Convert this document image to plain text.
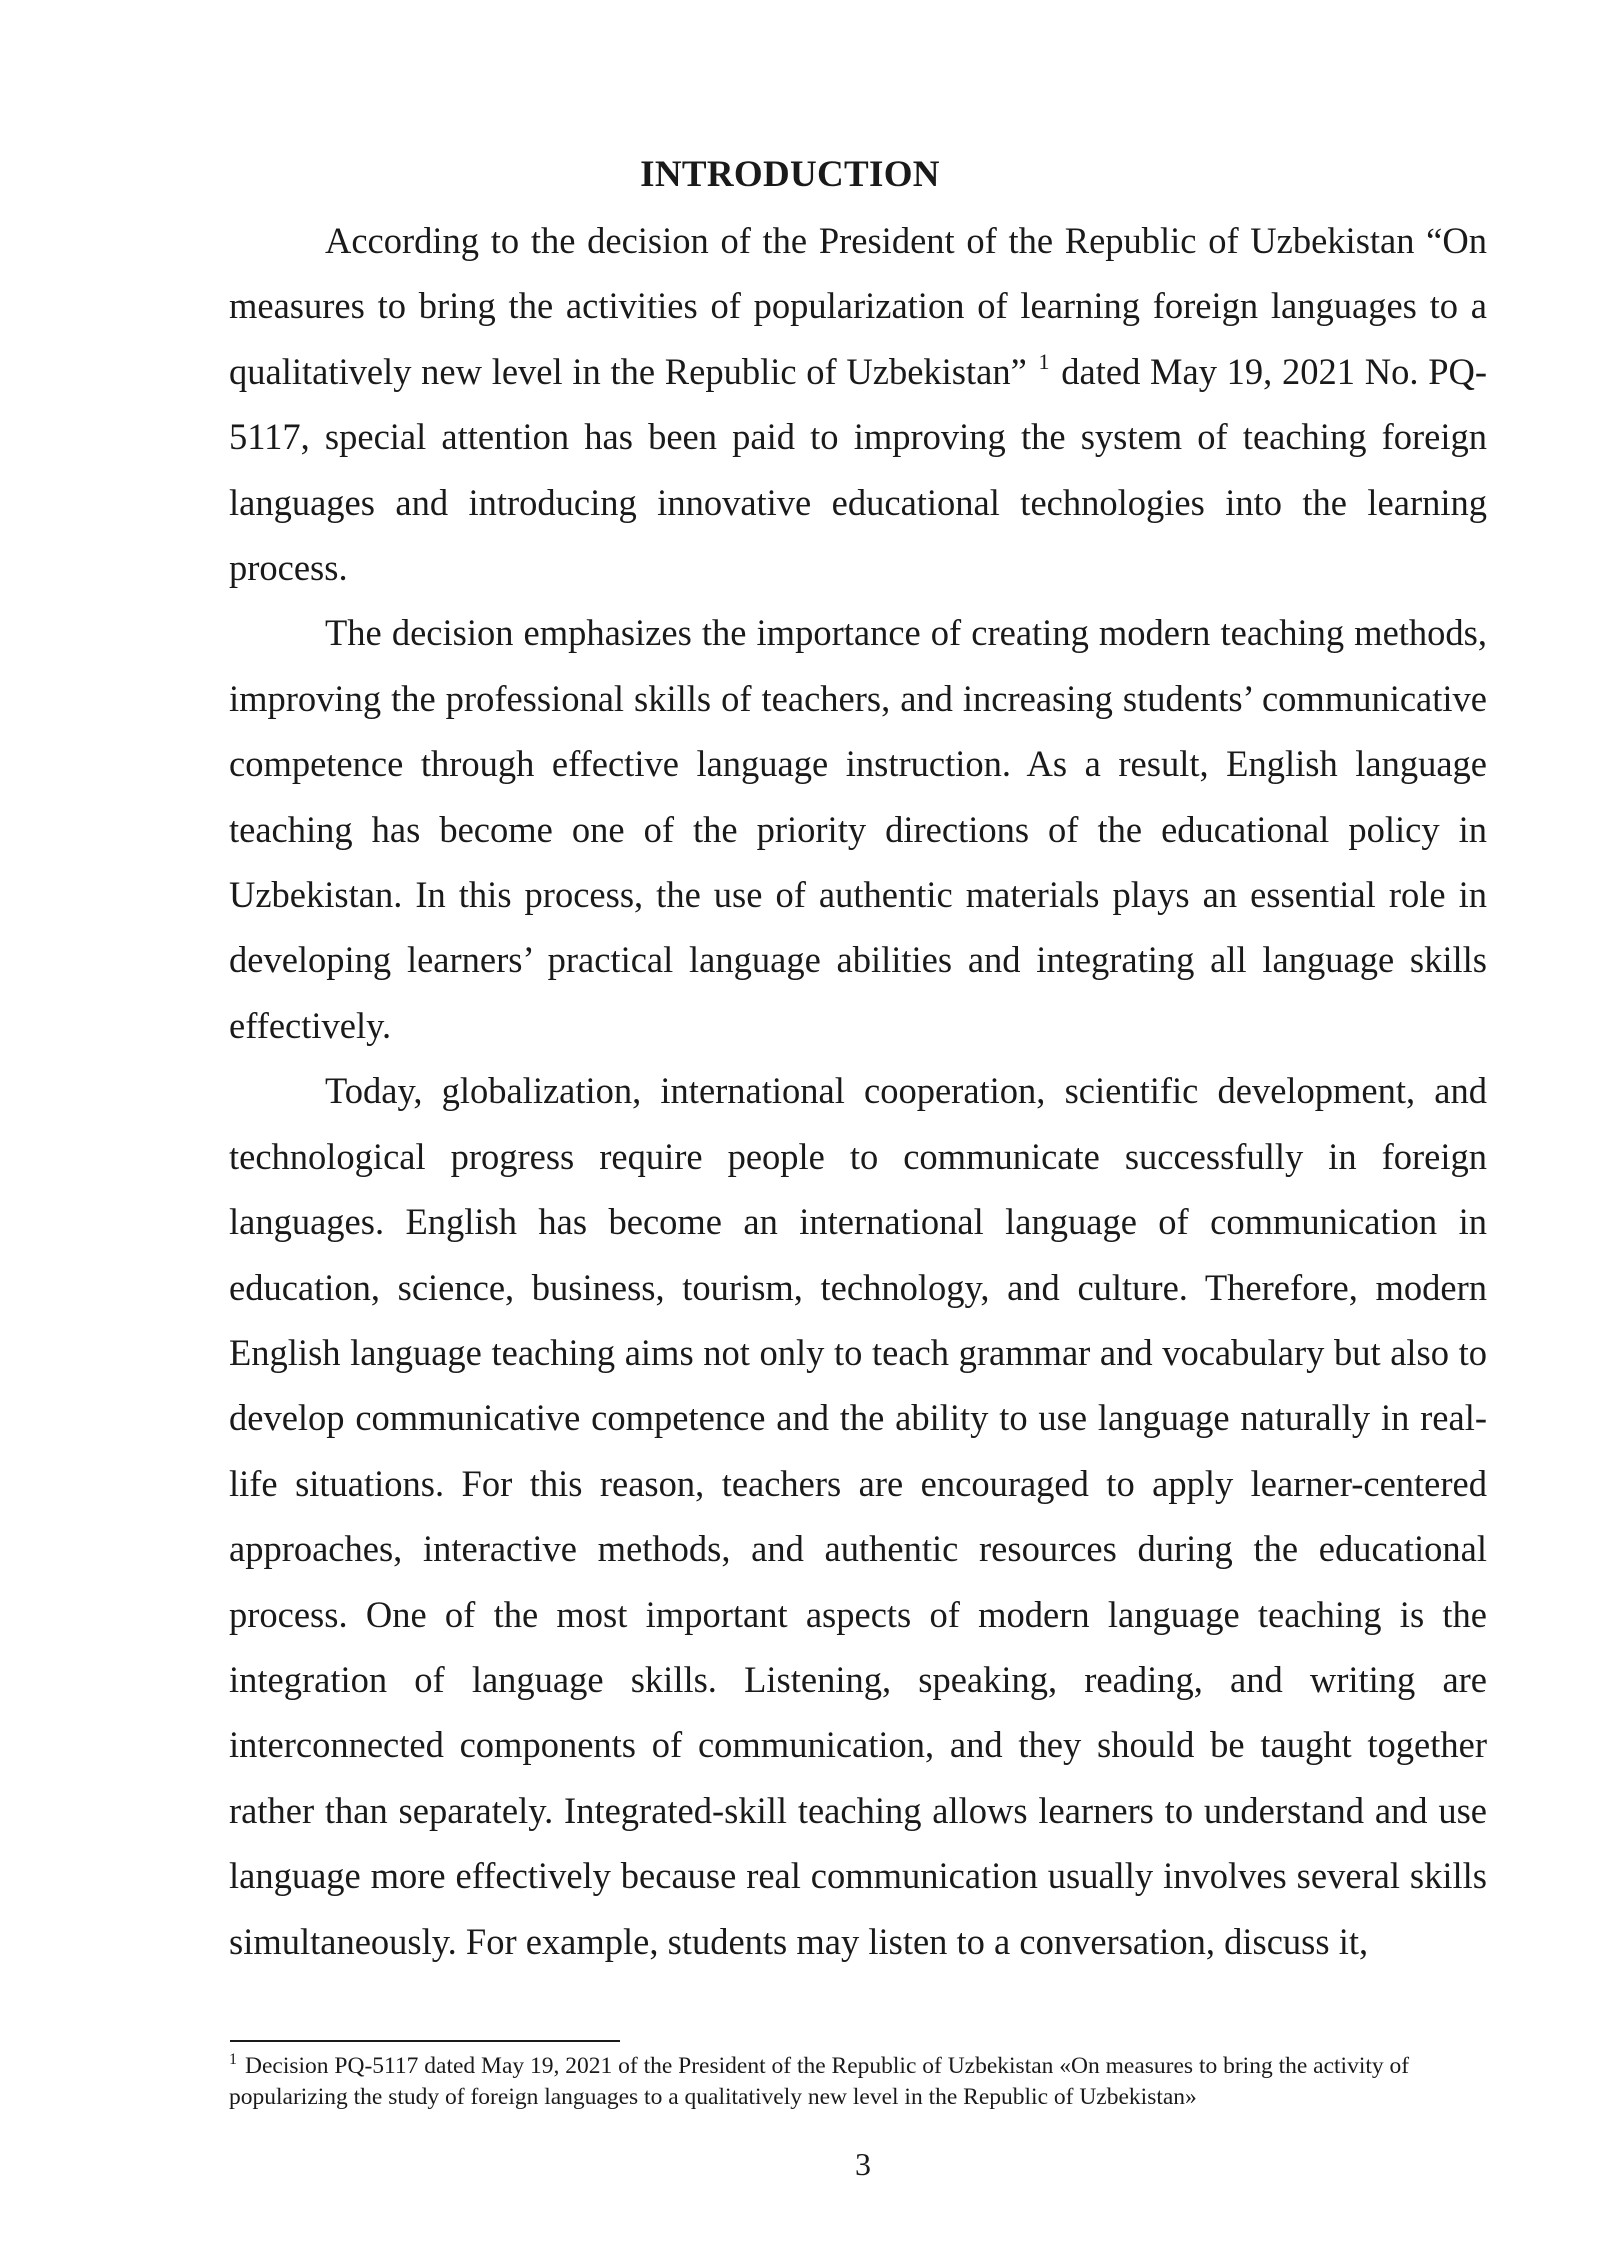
INTRODUCTION

According to the decision of the President of the Republic of Uzbekistan “On measures to bring the activities of popularization of learning foreign languages to a qualitatively new level in the Republic of Uzbekistan” $^1$ dated May 19, 2021 No. PQ-5117, special attention has been paid to improving the system of teaching foreign languages and introducing innovative educational technologies into the learning process.

The decision emphasizes the importance of creating modern teaching methods, improving the professional skills of teachers, and increasing students’ communicative competence through effective language instruction. As a result, English language teaching has become one of the priority directions of the educational policy in Uzbekistan. In this process, the use of authentic materials plays an essential role in developing learners’ practical language abilities and integrating all language skills effectively.

Today, globalization, international cooperation, scientific development, and technological progress require people to communicate successfully in foreign languages. English has become an international language of communication in education, science, business, tourism, technology, and culture. Therefore, modern English language teaching aims not only to teach grammar and vocabulary but also to develop communicative competence and the ability to use language naturally in real-life situations. For this reason, teachers are encouraged to apply learner-centered approaches, interactive methods, and authentic resources during the educational process. One of the most important aspects of modern language teaching is the integration of language skills. Listening, speaking, reading, and writing are interconnected components of communication, and they should be taught together rather than separately. Integrated-skill teaching allows learners to understand and use language more effectively because real communication usually involves several skills simultaneously. For example, students may listen to a conversation, discuss it,

$^1$ Decision PQ-5117 dated May 19, 2021 of the President of the Republic of Uzbekistan «On measures to bring the activity of popularizing the study of foreign languages to a qualitatively new level in the Republic of Uzbekistan»
3
